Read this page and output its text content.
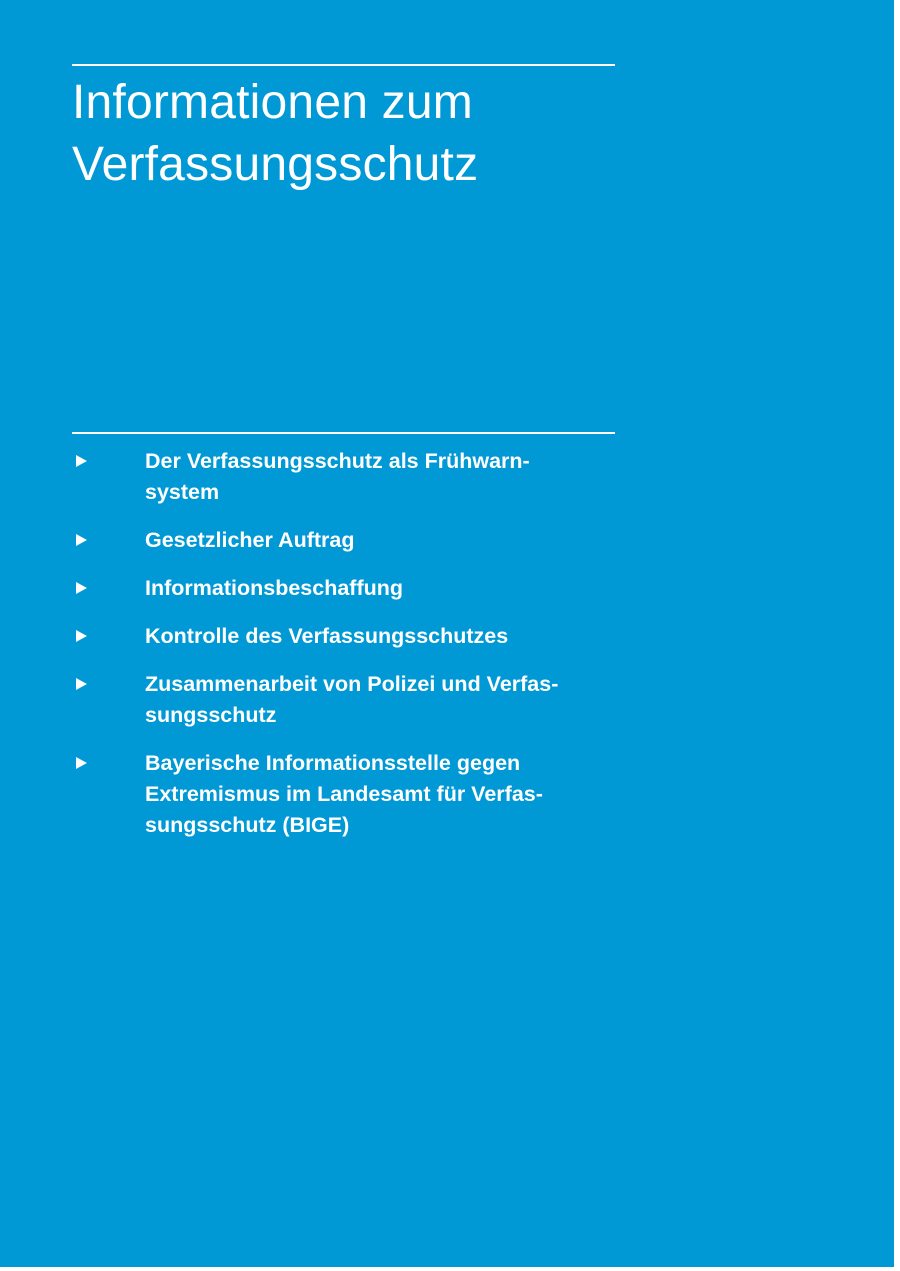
Informationen zum
Verfassungsschutz
Der Verfassungsschutz als Frühwarn-
system
Gesetzlicher Auftrag
Informationsbeschaffung
Kontrolle des Verfassungsschutzes
Zusammenarbeit von Polizei und Verfas-
sungsschutz
Bayerische Informationsstelle gegen
Extremismus im Landesamt für Verfas-
sungsschutz (BIGE)
